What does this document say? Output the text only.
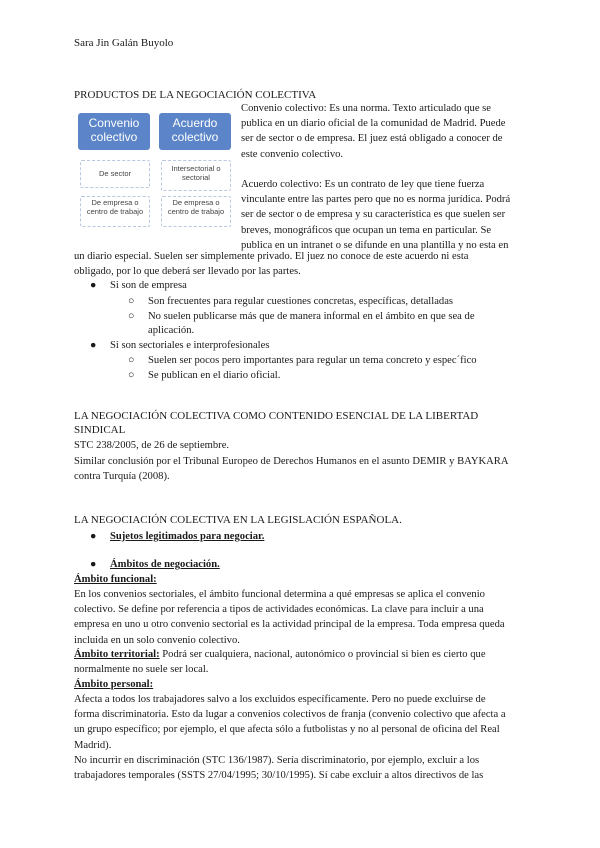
Sara Jin Galán Buyolo
PRODUCTOS DE LA NEGOCIACIÓN COLECTIVA
Convenio colectivo
Acuerdo colectivo
De sector
Intersectorial o sectorial
De empresa o centro de trabajo
De empresa o centro de trabajo
Convenio colectivo: Es una norma. Texto articulado que se
publica en un diario oficial de la comunidad de Madrid. Puede
ser de sector o de empresa. El juez está obligado a conocer de
este convenio colectivo.
Acuerdo colectivo: Es un contrato de ley que tiene fuerza
vinculante entre las partes pero que no es norma jurídica. Podrá
ser de sector o de empresa y su característica es que suelen ser
breves, monográficos que ocupan un tema en particular. Se
publica en un intranet o se difunde en una plantilla y no esta en
un diario especial. Suelen ser simplemente privado. El juez no conoce de este acuerdo ni esta
obligado, por lo que deberá ser llevado por las partes.
●	Si son de empresa
○	Son frecuentes para regular cuestiones concretas, específicas, detalladas
○	No suelen publicarse más que de manera informal en el ámbito en que sea de
aplicación.
●	Si son sectoriales e interprofesionales
○	Suelen ser pocos pero importantes para regular un tema concreto y espec´fico
○	Se publican en el diario oficial.
LA NEGOCIACIÓN COLECTIVA COMO CONTENIDO ESENCIAL DE LA LIBERTAD
SINDICAL
STC 238/2005, de 26 de septiembre.
Similar conclusión por el Tribunal Europeo de Derechos Humanos en el asunto DEMIR y BAYKARA
contra Turquía (2008).
LA NEGOCIACIÓN COLECTIVA EN LA LEGISLACIÓN ESPAÑOLA.
●	Sujetos legitimados para negociar.
●	Ámbitos de negociación.
Ámbito funcional:
En los convenios sectoriales, el ámbito funcional determina a qué empresas se aplica el convenio
colectivo. Se define por referencia a tipos de actividades económicas. La clave para incluir a una
empresa en uno u otro convenio sectorial es la actividad principal de la empresa. Toda empresa queda
incluida en un solo convenio colectivo.
Ámbito territorial: Podrá ser cualquiera, nacional, autonómico o provincial si bien es cierto que
normalmente no suele ser local.
Ámbito personal:
Afecta a todos los trabajadores salvo a los excluidos específicamente. Pero no puede excluirse de
forma discriminatoria. Esto da lugar a convenios colectivos de franja (convenio colectivo que afecta a
un grupo específico; por ejemplo, el que afecta sólo a futbolistas y no al personal de oficina del Real
Madrid).
No incurrir en discriminación (STC 136/1987). Sería discriminatorio, por ejemplo, excluir a los
trabajadores temporales (SSTS 27/04/1995; 30/10/1995). Sí cabe excluir a altos directivos de las
